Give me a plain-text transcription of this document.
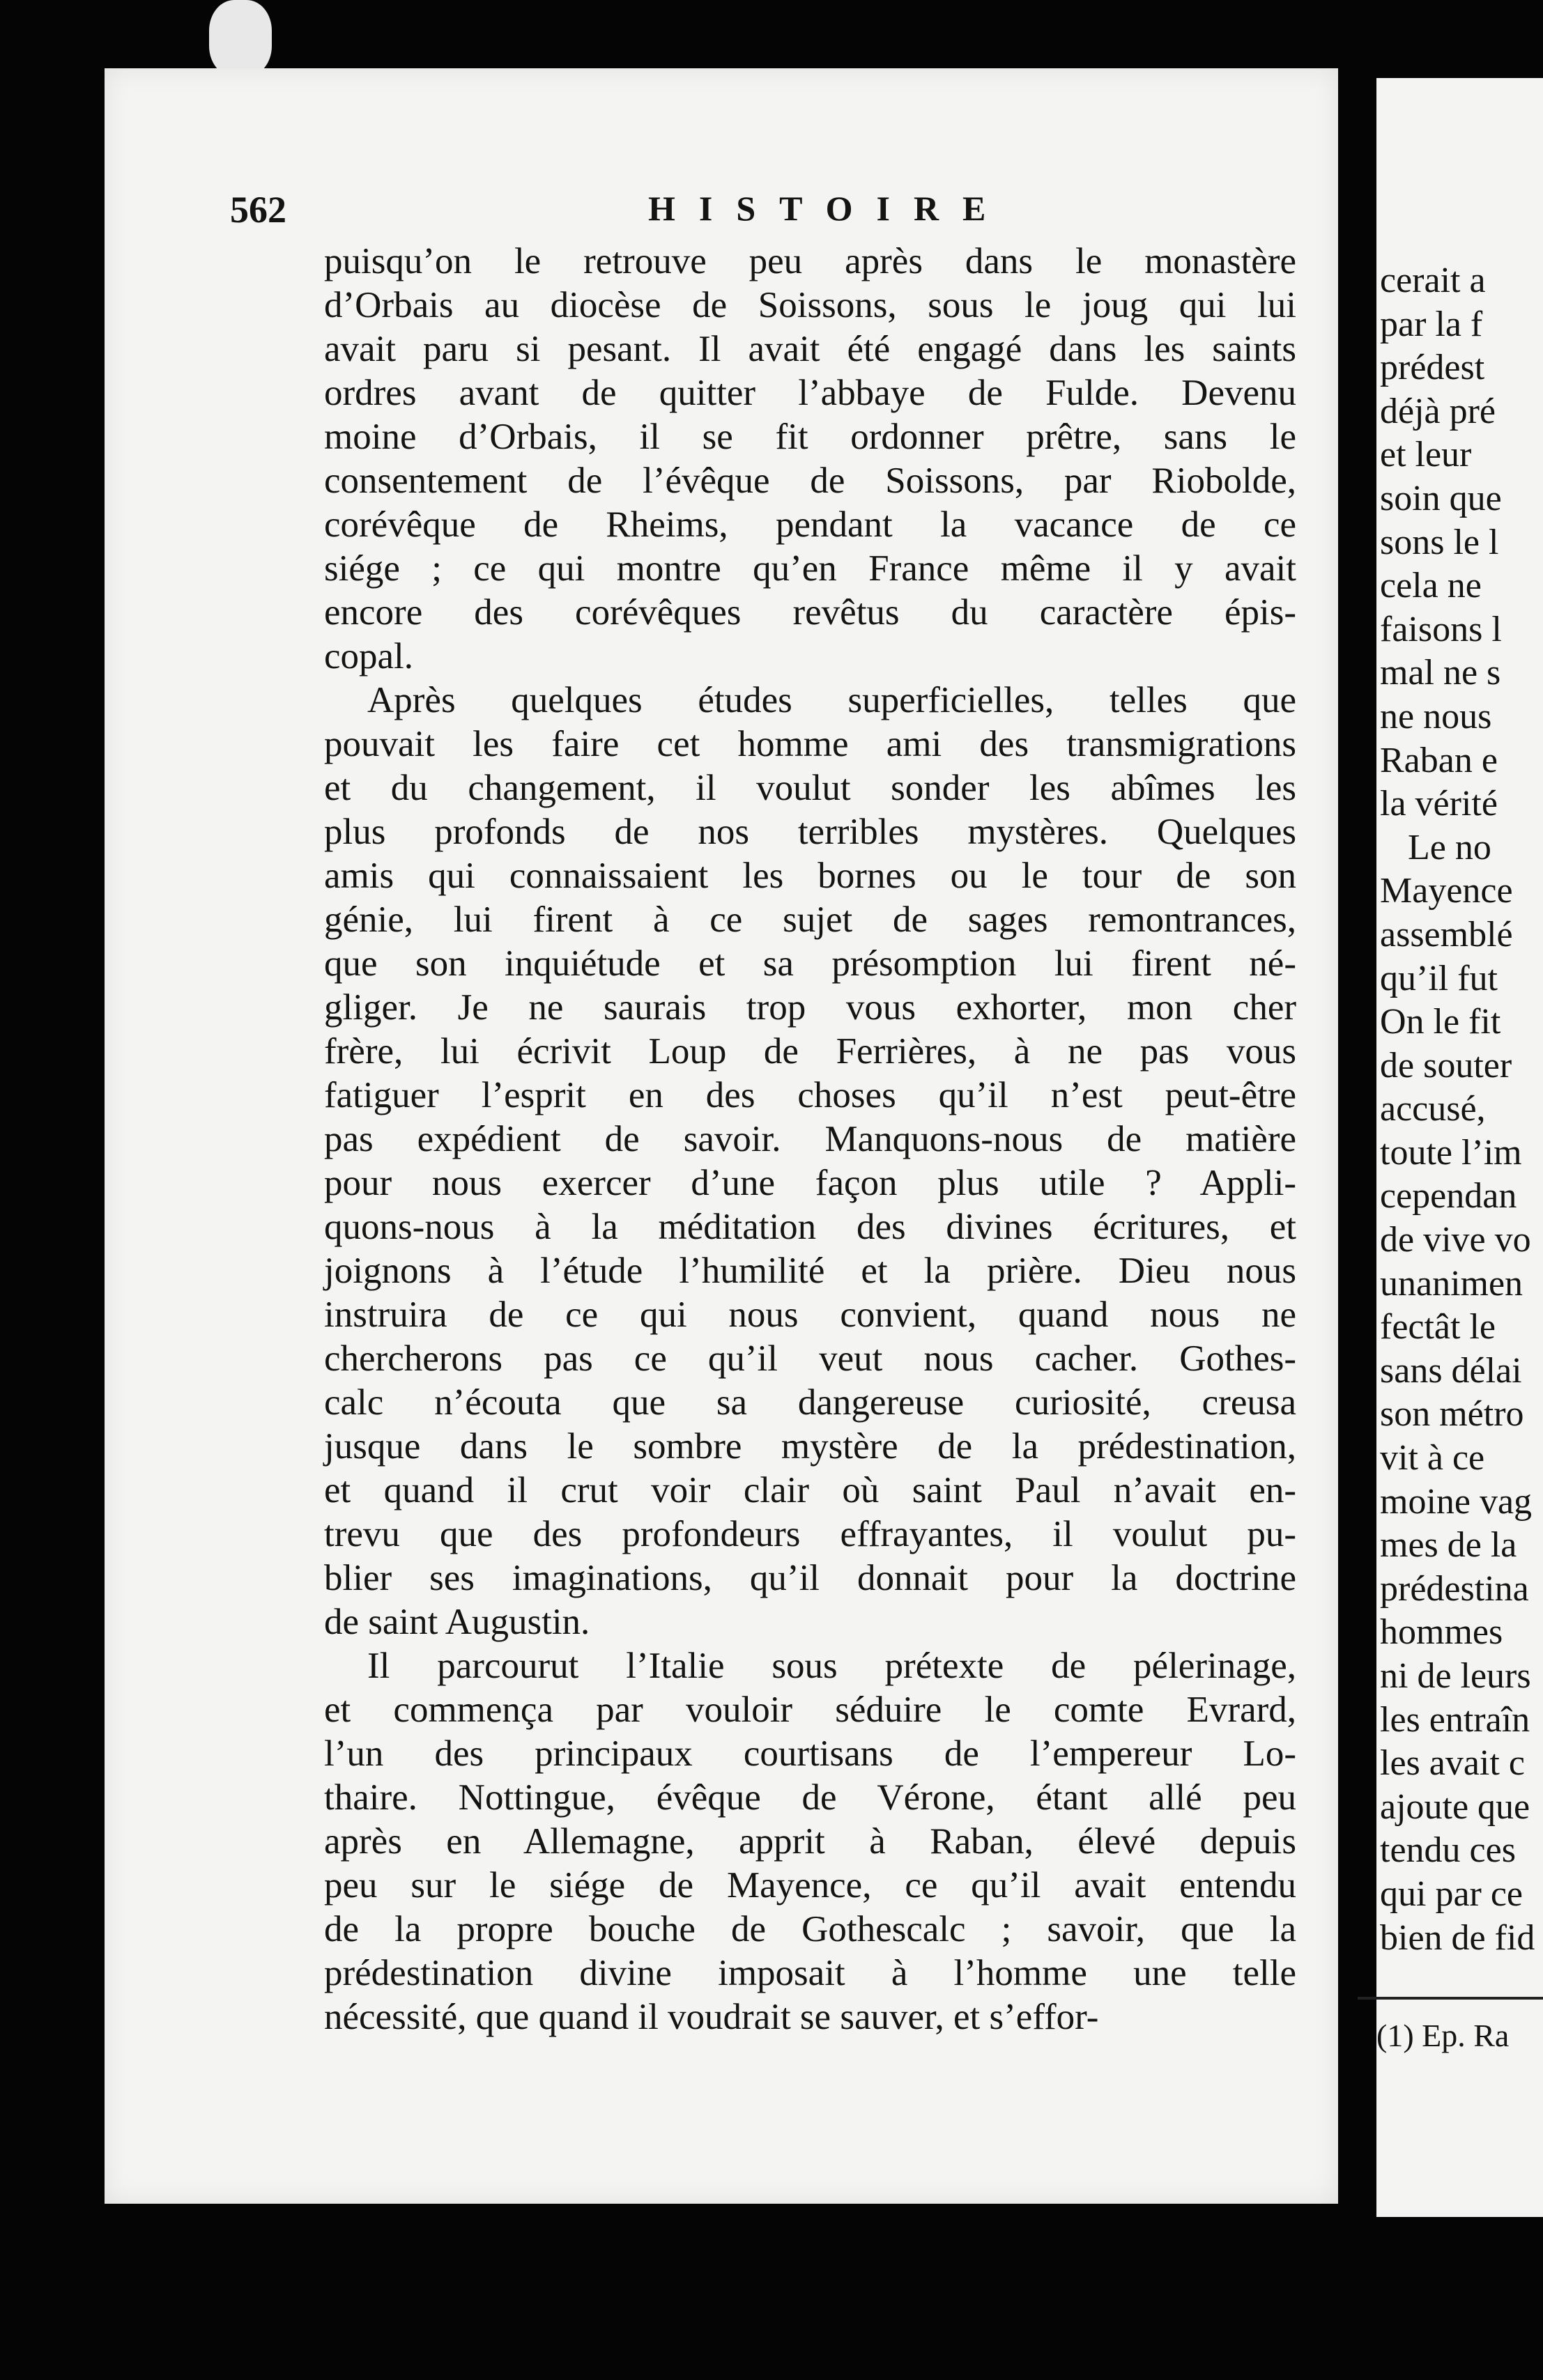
562	HISTOIRE
puisqu’on le retrouve peu après dans le monastère
d’Orbais au diocèse de Soissons, sous le joug qui lui
avait paru si pesant. Il avait été engagé dans les saints
ordres avant de quitter l’abbaye de Fulde. Devenu
moine d’Orbais, il se fit ordonner prêtre, sans le
consentement de l’évêque de Soissons, par Riobolde,
corévêque de Rheims, pendant la vacance de ce
siége ; ce qui montre qu’en France même il y avait
encore des corévêques revêtus du caractère épis-
copal.
Après quelques études superficielles, telles que
pouvait les faire cet homme ami des transmigrations
et du changement, il voulut sonder les abîmes les
plus profonds de nos terribles mystères. Quelques
amis qui connaissaient les bornes ou le tour de son
génie, lui firent à ce sujet de sages remontrances,
que son inquiétude et sa présomption lui firent né-
gliger. Je ne saurais trop vous exhorter, mon cher
frère, lui écrivit Loup de Ferrières, à ne pas vous
fatiguer l’esprit en des choses qu’il n’est peut-être
pas expédient de savoir. Manquons-nous de matière
pour nous exercer d’une façon plus utile ? Appli-
quons-nous à la méditation des divines écritures, et
joignons à l’étude l’humilité et la prière. Dieu nous
instruira de ce qui nous convient, quand nous ne
chercherons pas ce qu’il veut nous cacher. Gothes-
calc n’écouta que sa dangereuse curiosité, creusa
jusque dans le sombre mystère de la prédestination,
et quand il crut voir clair où saint Paul n’avait en-
trevu que des profondeurs effrayantes, il voulut pu-
blier ses imaginations, qu’il donnait pour la doctrine
de saint Augustin.
Il parcourut l’Italie sous prétexte de pélerinage,
et commença par vouloir séduire le comte Evrard,
l’un des principaux courtisans de l’empereur Lo-
thaire. Nottingue, évêque de Vérone, étant allé peu
après en Allemagne, apprit à Raban, élevé depuis
peu sur le siége de Mayence, ce qu’il avait entendu
de la propre bouche de Gothescalc ; savoir, que la
prédestination divine imposait à l’homme une telle
nécessité, que quand il voudrait se sauver, et s’effor-
cerait a
par la f
prédest
déjà pré
et leur
soin que
sons le l
cela ne
faisons l
mal ne s
ne nous
Raban e
la vérité
Le no
Mayence
assemblé
qu’il fut
On le fit
de souter
accusé,
toute l’im
cependan
de vive vo
unanimen
fectât le
sans délai
son métro
vit à ce
moine vag
mes de la
prédestina
hommes
ni de leurs
les entraîn
les avait c
ajoute que
tendu ces
qui par ce
bien de fid
(1) Ep. Ra
